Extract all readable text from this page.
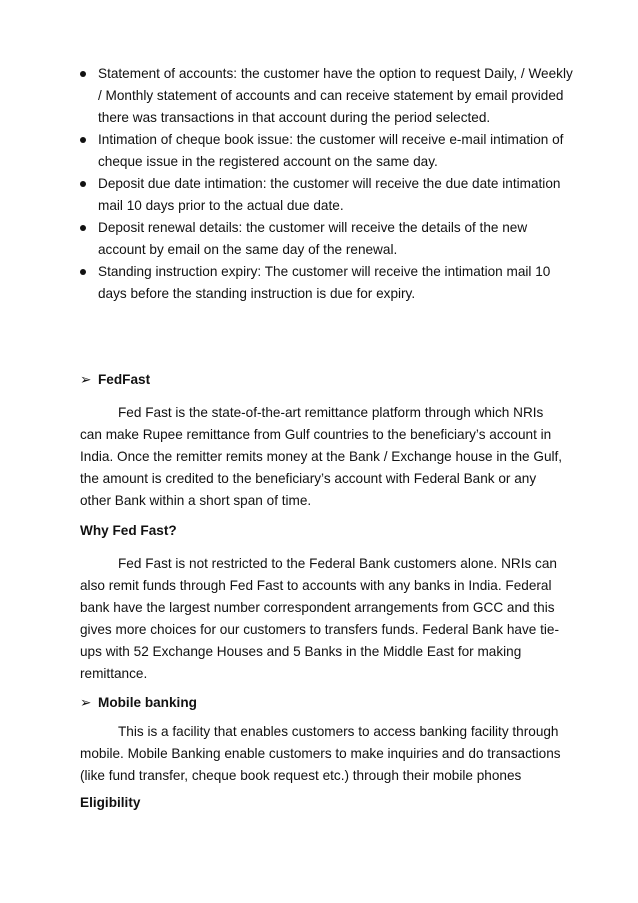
Statement of accounts: the customer have the option to request Daily, / Weekly / Monthly statement of accounts and can receive statement by email provided there was transactions in that account during the period selected.
Intimation of cheque book issue: the customer will receive e-mail intimation of cheque issue in the registered account on the same day.
Deposit due date intimation: the customer will receive the due date intimation mail 10 days prior to the actual due date.
Deposit renewal details: the customer will receive the details of the new account by email on the same day of the renewal.
Standing instruction expiry: The customer will receive the intimation mail 10 days before the standing instruction is due for expiry.
➢ FedFast

Fed Fast is the state-of-the-art remittance platform through which NRIs can make Rupee remittance from Gulf countries to the beneficiary’s account in India. Once the remitter remits money at the Bank / Exchange house in the Gulf, the amount is credited to the beneficiary’s account with Federal Bank or any other Bank within a short span of time.

Why Fed Fast?

Fed Fast is not restricted to the Federal Bank customers alone. NRIs can also remit funds through Fed Fast to accounts with any banks in India. Federal bank have the largest number correspondent arrangements from GCC and this gives more choices for our customers to transfers funds. Federal Bank have tie-ups with 52 Exchange Houses and 5 Banks in the Middle East for making remittance.

➢ Mobile banking

This is a facility that enables customers to access banking facility through mobile. Mobile Banking enable customers to make inquiries and do transactions (like fund transfer, cheque book request etc.) through their mobile phones

Eligibility
